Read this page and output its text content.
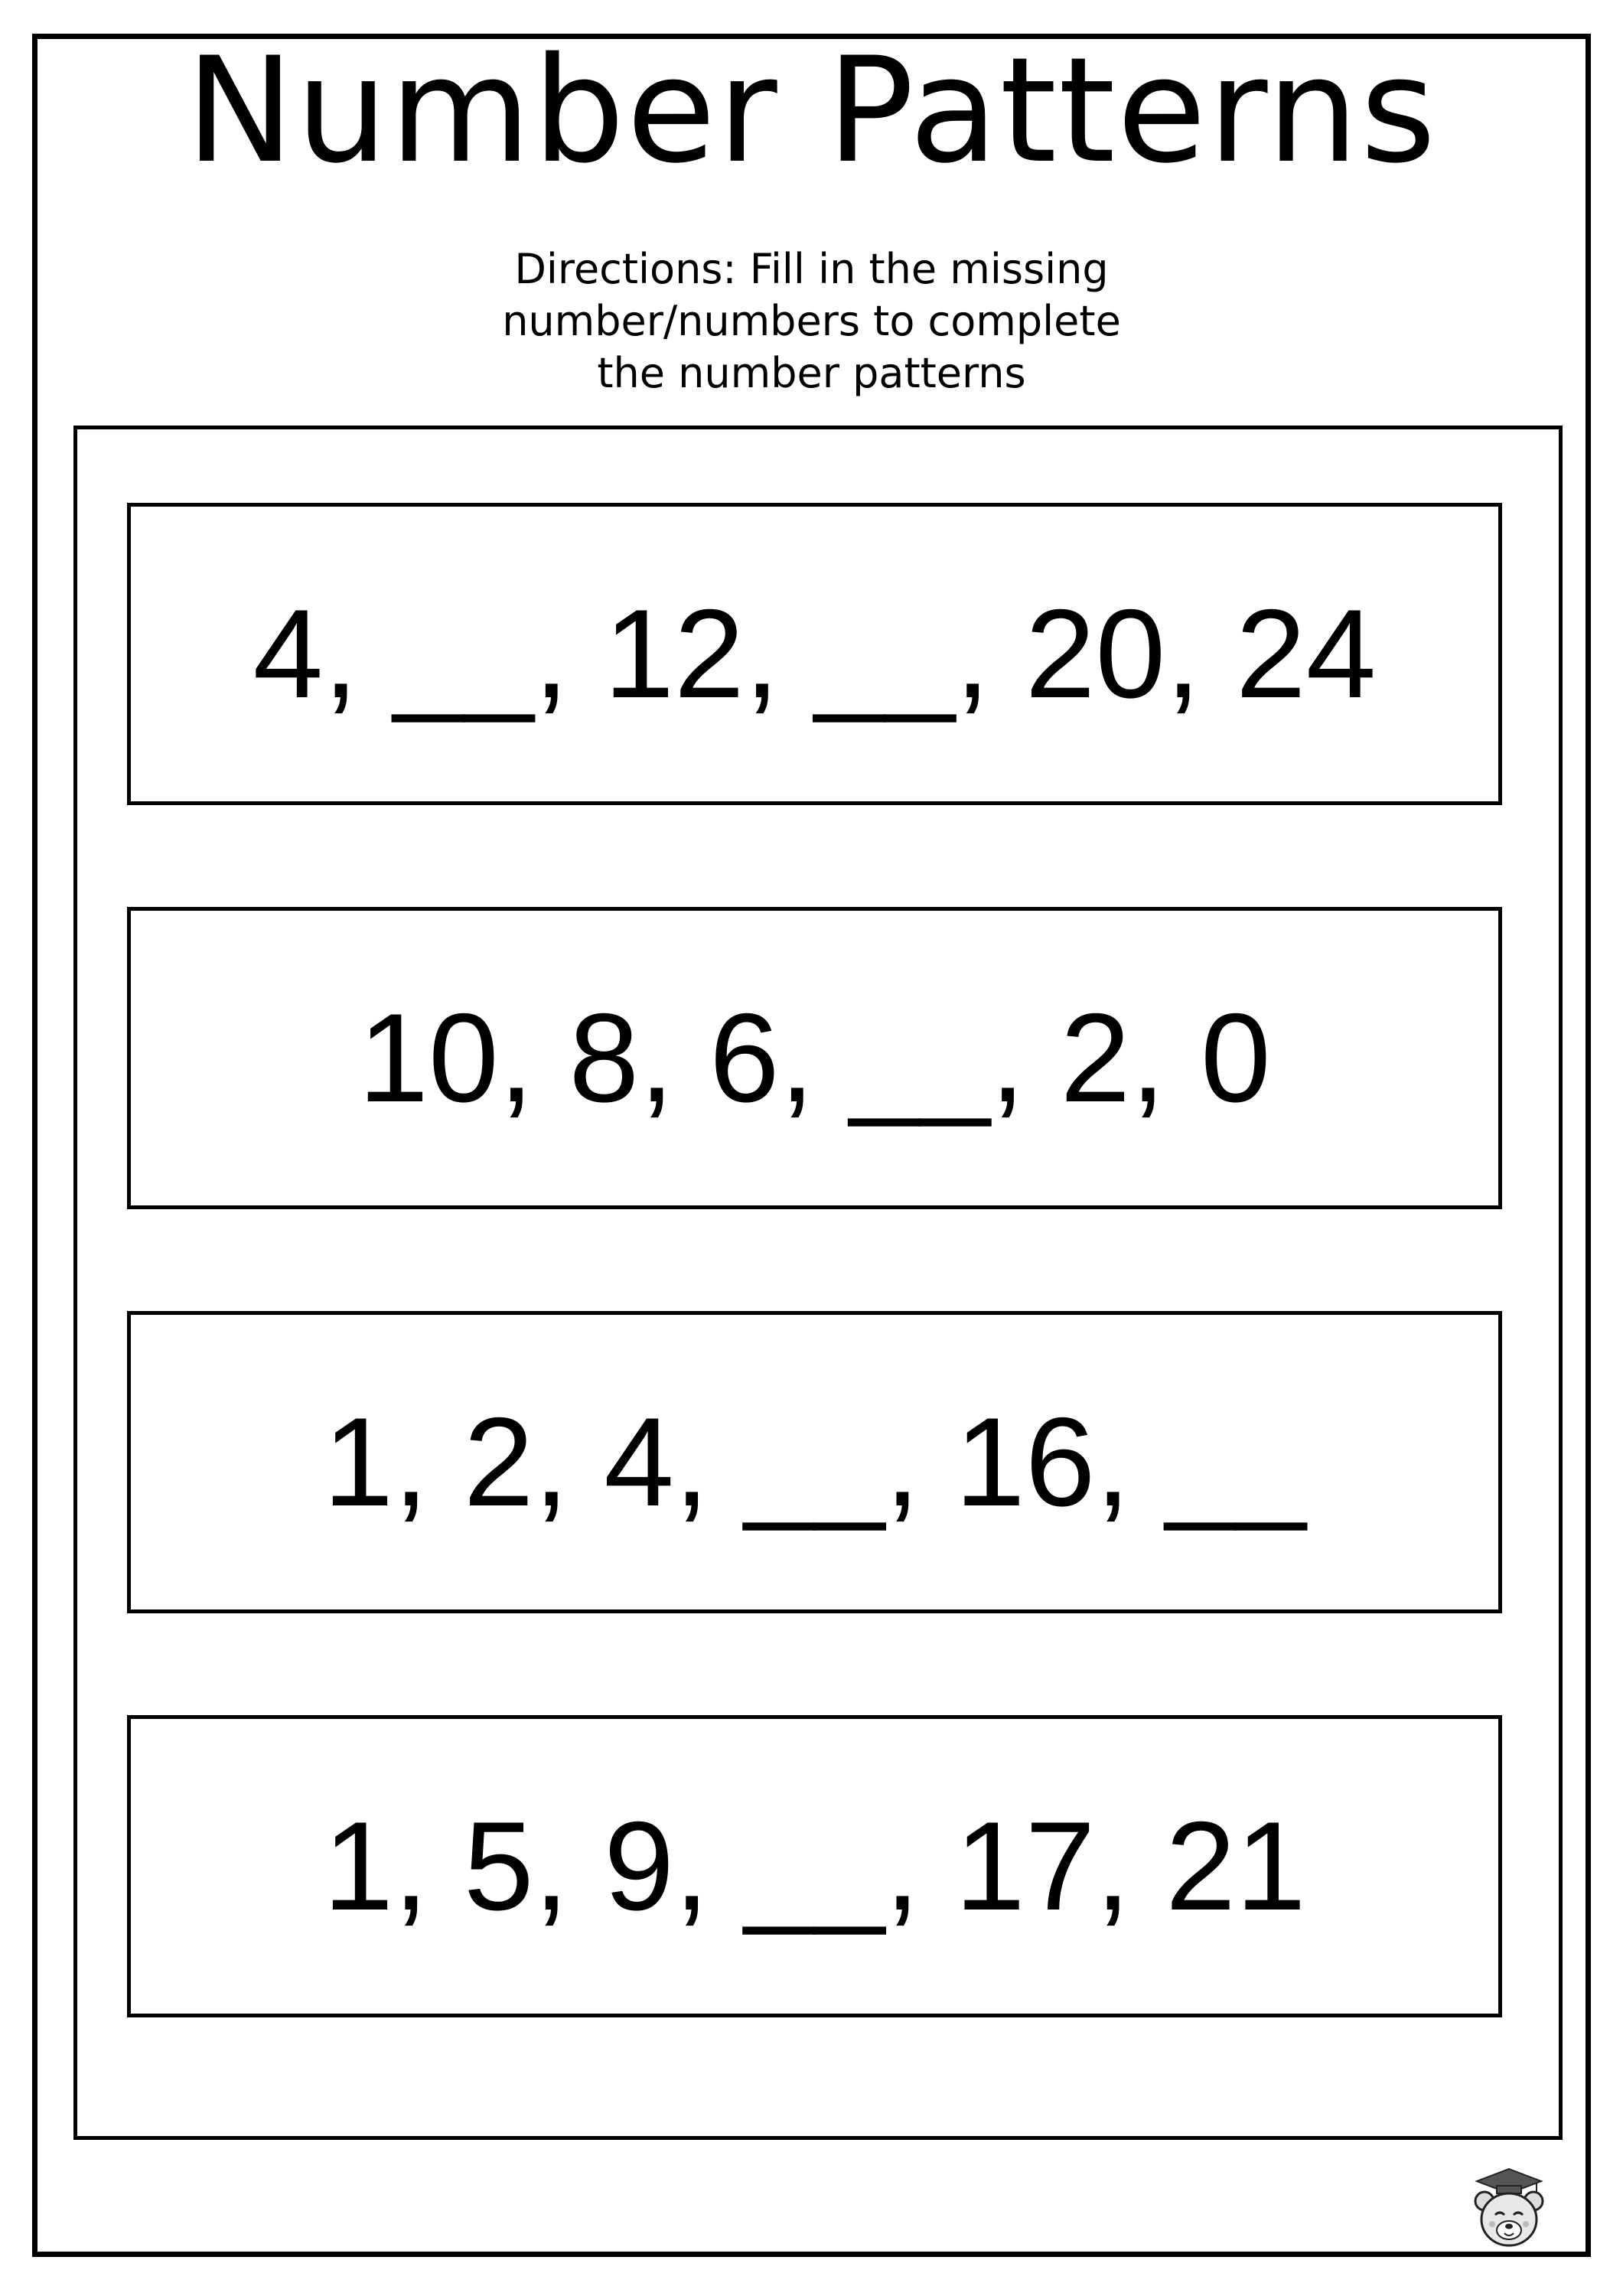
Number Patterns
Directions: Fill in the missing
number/numbers to complete
the number patterns
4, __, 12, __, 20, 24
10, 8, 6, __, 2, 0
1, 2, 4, __, 16, __
1, 5, 9, __, 17, 21
